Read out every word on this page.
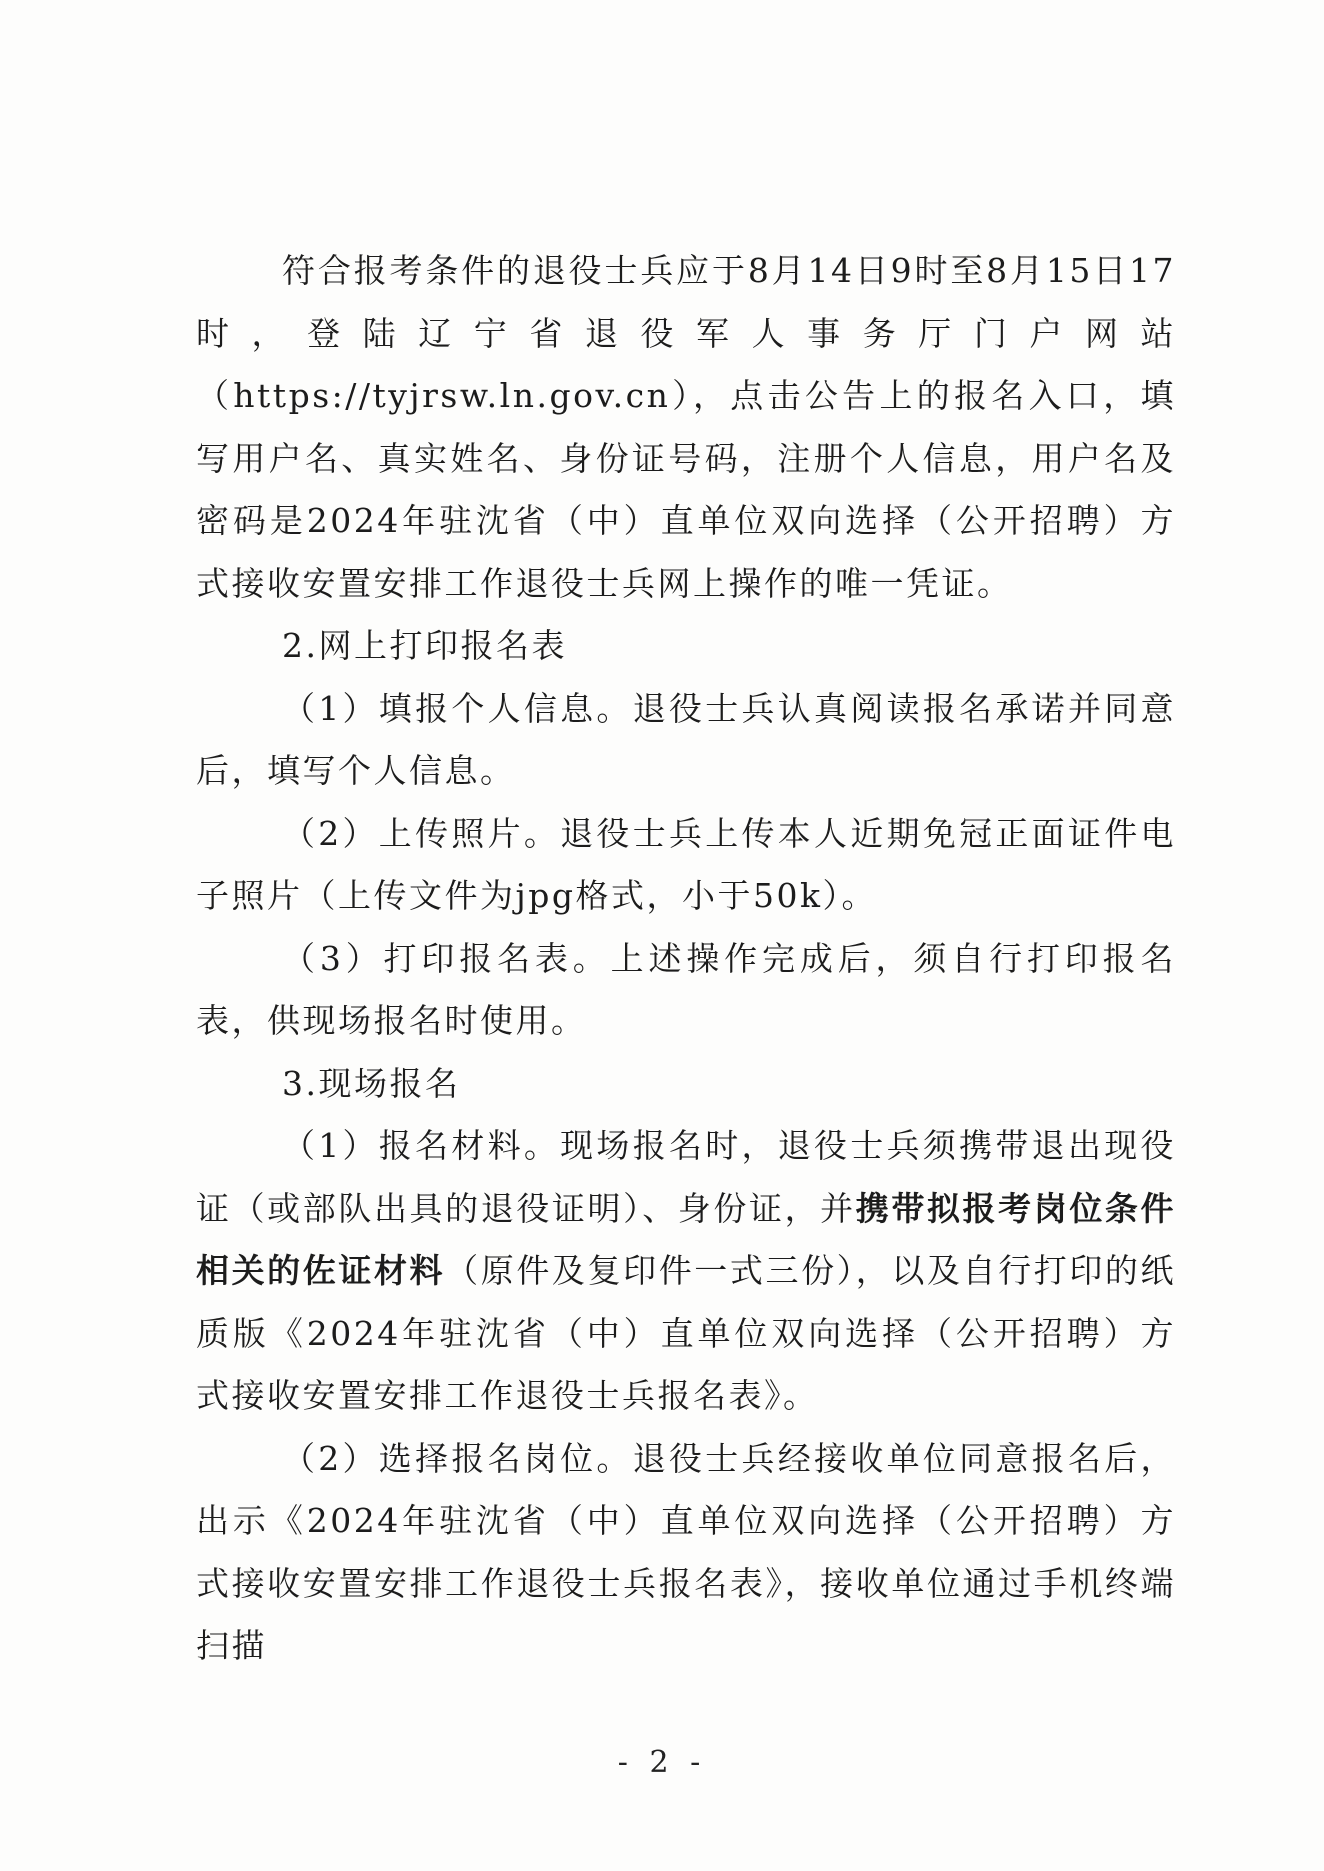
符合报考条件的退役士兵应于8月14日9时至8月15日17时，登陆辽宁省退役军人事务厅门户网站（https://tyjrsw.ln.gov.cn），点击公告上的报名入口，填写用户名、真实姓名、身份证号码，注册个人信息，用户名及密码是2024年驻沈省（中）直单位双向选择（公开招聘）方式接收安置安排工作退役士兵网上操作的唯一凭证。

2.网上打印报名表

（1）填报个人信息。退役士兵认真阅读报名承诺并同意后，填写个人信息。

（2）上传照片。退役士兵上传本人近期免冠正面证件电子照片（上传文件为jpg格式，小于50k）。

（3）打印报名表。上述操作完成后，须自行打印报名表，供现场报名时使用。

3.现场报名

（1）报名材料。现场报名时，退役士兵须携带退出现役证（或部队出具的退役证明）、身份证，并携带拟报考岗位条件相关的佐证材料（原件及复印件一式三份），以及自行打印的纸质版《2024年驻沈省（中）直单位双向选择（公开招聘）方式接收安置安排工作退役士兵报名表》。

（2）选择报名岗位。退役士兵经接收单位同意报名后，出示《2024年驻沈省（中）直单位双向选择（公开招聘）方式接收安置安排工作退役士兵报名表》，接收单位通过手机终端扫描

- 2 -
